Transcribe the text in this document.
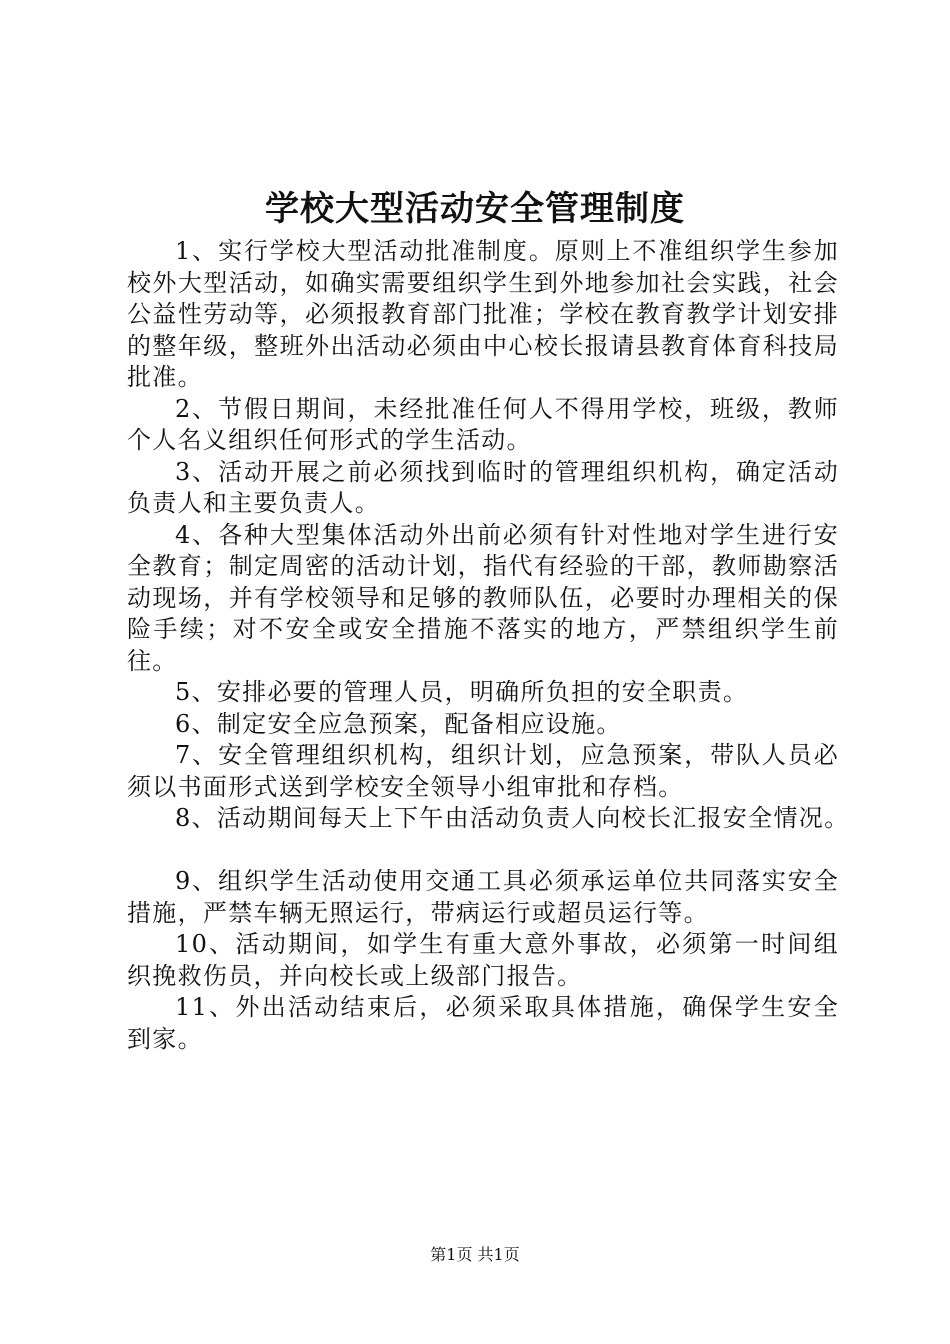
学校大型活动安全管理制度

1、实行学校大型活动批准制度。原则上不准组织学生参加校外大型活动，如确实需要组织学生到外地参加社会实践，社会公益性劳动等，必须报教育部门批准；学校在教育教学计划安排的整年级，整班外出活动必须由中心校长报请县教育体育科技局批准。

2、节假日期间，未经批准任何人不得用学校，班级，教师个人名义组织任何形式的学生活动。

3、活动开展之前必须找到临时的管理组织机构，确定活动负责人和主要负责人。

4、各种大型集体活动外出前必须有针对性地对学生进行安全教育；制定周密的活动计划，指代有经验的干部，教师勘察活动现场，并有学校领导和足够的教师队伍，必要时办理相关的保险手续；对不安全或安全措施不落实的地方，严禁组织学生前往。

5、安排必要的管理人员，明确所负担的安全职责。

6、制定安全应急预案，配备相应设施。

7、安全管理组织机构，组织计划，应急预案，带队人员必须以书面形式送到学校安全领导小组审批和存档。

8、活动期间每天上下午由活动负责人向校长汇报安全情况。

9、组织学生活动使用交通工具必须承运单位共同落实安全措施，严禁车辆无照运行，带病运行或超员运行等。

10、活动期间，如学生有重大意外事故，必须第一时间组织挽救伤员，并向校长或上级部门报告。

11、外出活动结束后，必须采取具体措施，确保学生安全到家。

第1页 共1页
